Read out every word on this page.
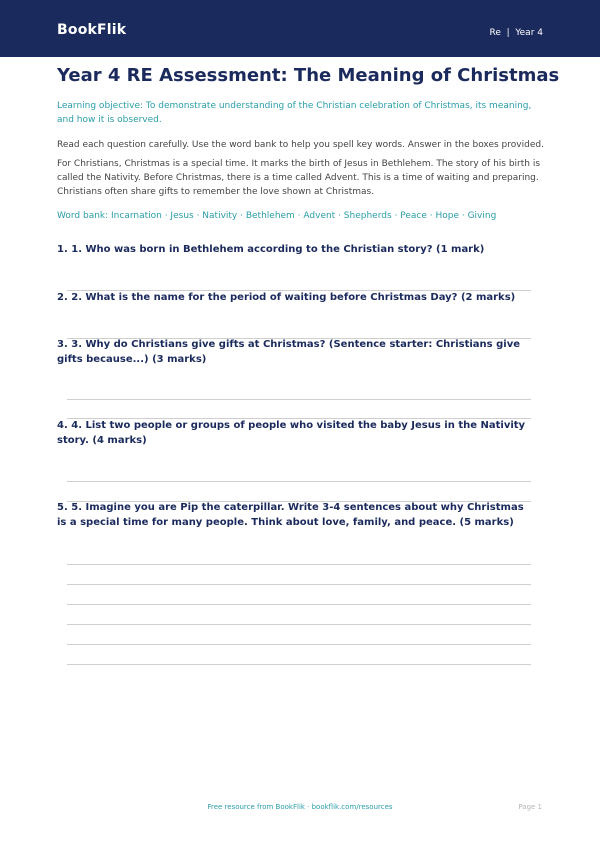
BookFlik	Re  |  Year 4
Year 4 RE Assessment: The Meaning of Christmas
Learning objective: To demonstrate understanding of the Christian celebration of Christmas, its meaning, and how it is observed.
Read each question carefully. Use the word bank to help you spell key words. Answer in the boxes provided.
For Christians, Christmas is a special time. It marks the birth of Jesus in Bethlehem. The story of his birth is called the Nativity. Before Christmas, there is a time called Advent. This is a time of waiting and preparing. Christians often share gifts to remember the love shown at Christmas.
Word bank: Incarnation · Jesus · Nativity · Bethlehem · Advent · Shepherds · Peace · Hope · Giving
1. 1. Who was born in Bethlehem according to the Christian story? (1 mark)
2. 2. What is the name for the period of waiting before Christmas Day? (2 marks)
3. 3. Why do Christians give gifts at Christmas? (Sentence starter: Christians give gifts because...) (3 marks)
4. 4. List two people or groups of people who visited the baby Jesus in the Nativity story. (4 marks)
5. 5. Imagine you are Pip the caterpillar. Write 3-4 sentences about why Christmas is a special time for many people. Think about love, family, and peace. (5 marks)
Free resource from BookFlik · bookflik.com/resources	Page 1
